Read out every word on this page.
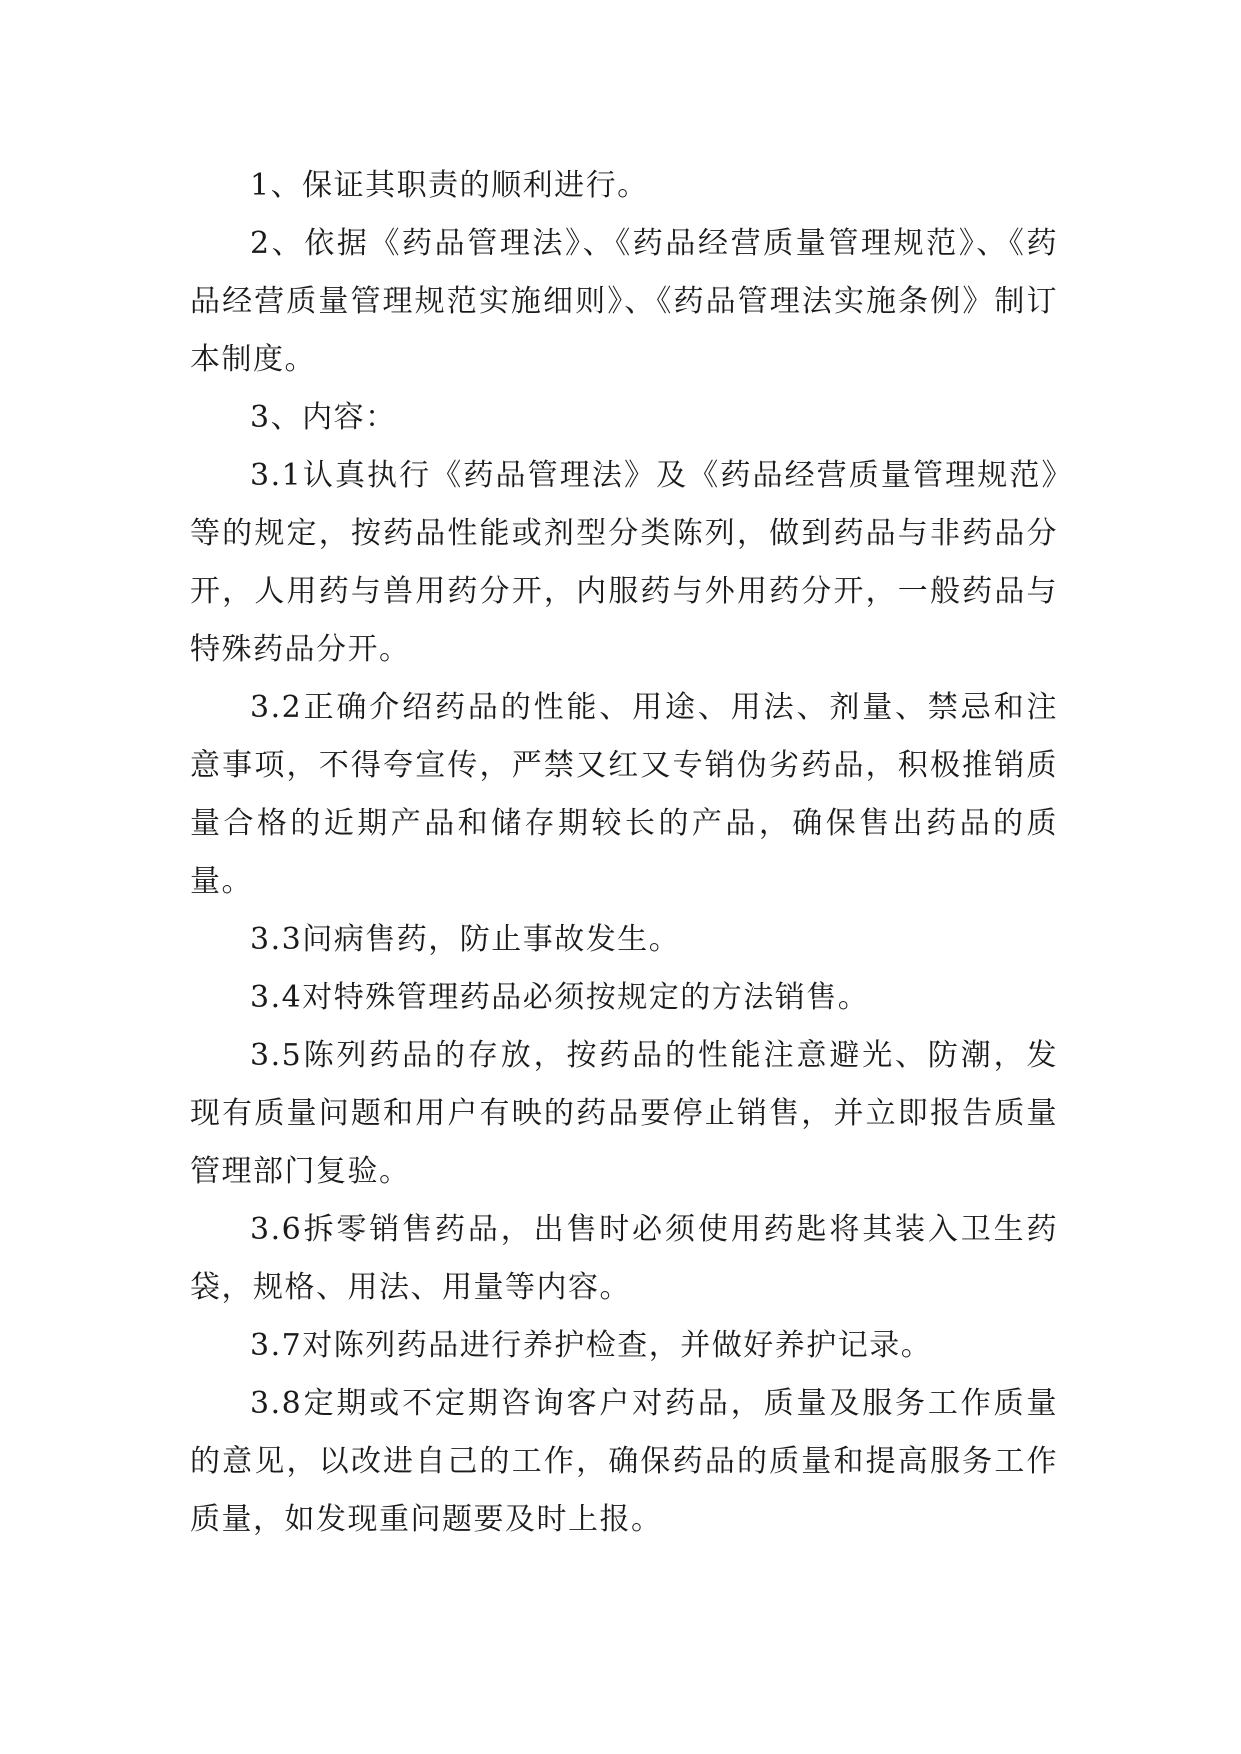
1、保证其职责的顺利进行。

2、依据《药品管理法》、《药品经营质量管理规范》、《药品经营质量管理规范实施细则》、《药品管理法实施条例》制订本制度。

3、内容：

3.1认真执行《药品管理法》及《药品经营质量管理规范》等的规定，按药品性能或剂型分类陈列，做到药品与非药品分开，人用药与兽用药分开，内服药与外用药分开，一般药品与特殊药品分开。

3.2正确介绍药品的性能、用途、用法、剂量、禁忌和注意事项，不得夸宣传，严禁又红又专销伪劣药品，积极推销质量合格的近期产品和储存期较长的产品，确保售出药品的质量。

3.3问病售药，防止事故发生。

3.4对特殊管理药品必须按规定的方法销售。

3.5陈列药品的存放，按药品的性能注意避光、防潮，发现有质量问题和用户有映的药品要停止销售，并立即报告质量管理部门复验。

3.6拆零销售药品，出售时必须使用药匙将其装入卫生药袋，规格、用法、用量等内容。

3.7对陈列药品进行养护检查，并做好养护记录。

3.8定期或不定期咨询客户对药品，质量及服务工作质量的意见，以改进自己的工作，确保药品的质量和提高服务工作质量，如发现重问题要及时上报。
